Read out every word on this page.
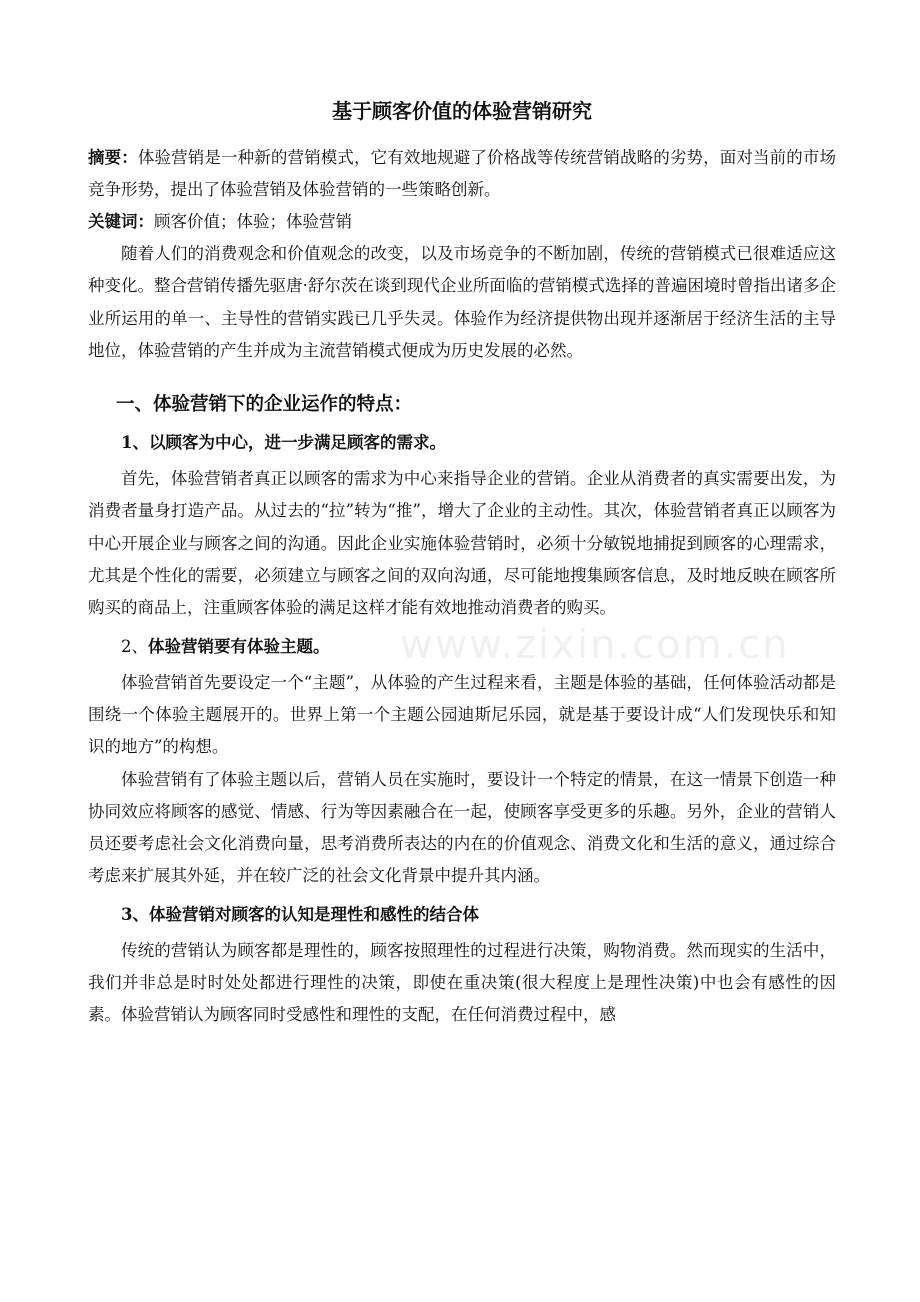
基于顾客价值的体验营销研究

摘要：体验营销是一种新的营销模式，它有效地规避了价格战等传统营销战略的劣势，面对当前的市场竞争形势，提出了体验营销及体验营销的一些策略创新。

关键词：顾客价值；体验；体验营销

随着人们的消费观念和价值观念的改变，以及市场竞争的不断加剧，传统的营销模式已很难适应这种变化。整合营销传播先驱唐·舒尔茨在谈到现代企业所面临的营销模式选择的普遍困境时曾指出诸多企业所运用的单一、主导性的营销实践已几乎失灵。体验作为经济提供物出现并逐渐居于经济生活的主导地位，体验营销的产生并成为主流营销模式便成为历史发展的必然。

一、体验营销下的企业运作的特点：
1、以顾客为中心，进一步满足顾客的需求。

首先，体验营销者真正以顾客的需求为中心来指导企业的营销。企业从消费者的真实需要出发，为消费者量身打造产品。从过去的“拉”转为“推”，增大了企业的主动性。其次，体验营销者真正以顾客为中心开展企业与顾客之间的沟通。因此企业实施体验营销时，必须十分敏锐地捕捉到顾客的心理需求，尤其是个性化的需要，必须建立与顾客之间的双向沟通，尽可能地搜集顾客信息，及时地反映在顾客所购买的商品上，注重顾客体验的满足这样才能有效地推动消费者的购买。

2、体验营销要有体验主题。

体验营销首先要设定一个“主题”，从体验的产生过程来看，主题是体验的基础，任何体验活动都是围绕一个体验主题展开的。世界上第一个主题公园迪斯尼乐园，就是基于要设计成“人们发现快乐和知识的地方”的构想。

体验营销有了体验主题以后，营销人员在实施时，要设计一个特定的情景，在这一情景下创造一种协同效应将顾客的感觉、情感、行为等因素融合在一起，使顾客享受更多的乐趣。另外，企业的营销人员还要考虑社会文化消费向量，思考消费所表达的内在的价值观念、消费文化和生活的意义，通过综合考虑来扩展其外延，并在较广泛的社会文化背景中提升其内涵。

3、体验营销对顾客的认知是理性和感性的结合体

传统的营销认为顾客都是理性的，顾客按照理性的过程进行决策，购物消费。然而现实的生活中，我们并非总是时时处处都进行理性的决策，即使在重决策(很大程度上是理性决策)中也会有感性的因素。体验营销认为顾客同时受感性和理性的支配，在任何消费过程中，感

www.zixin.com.cn
